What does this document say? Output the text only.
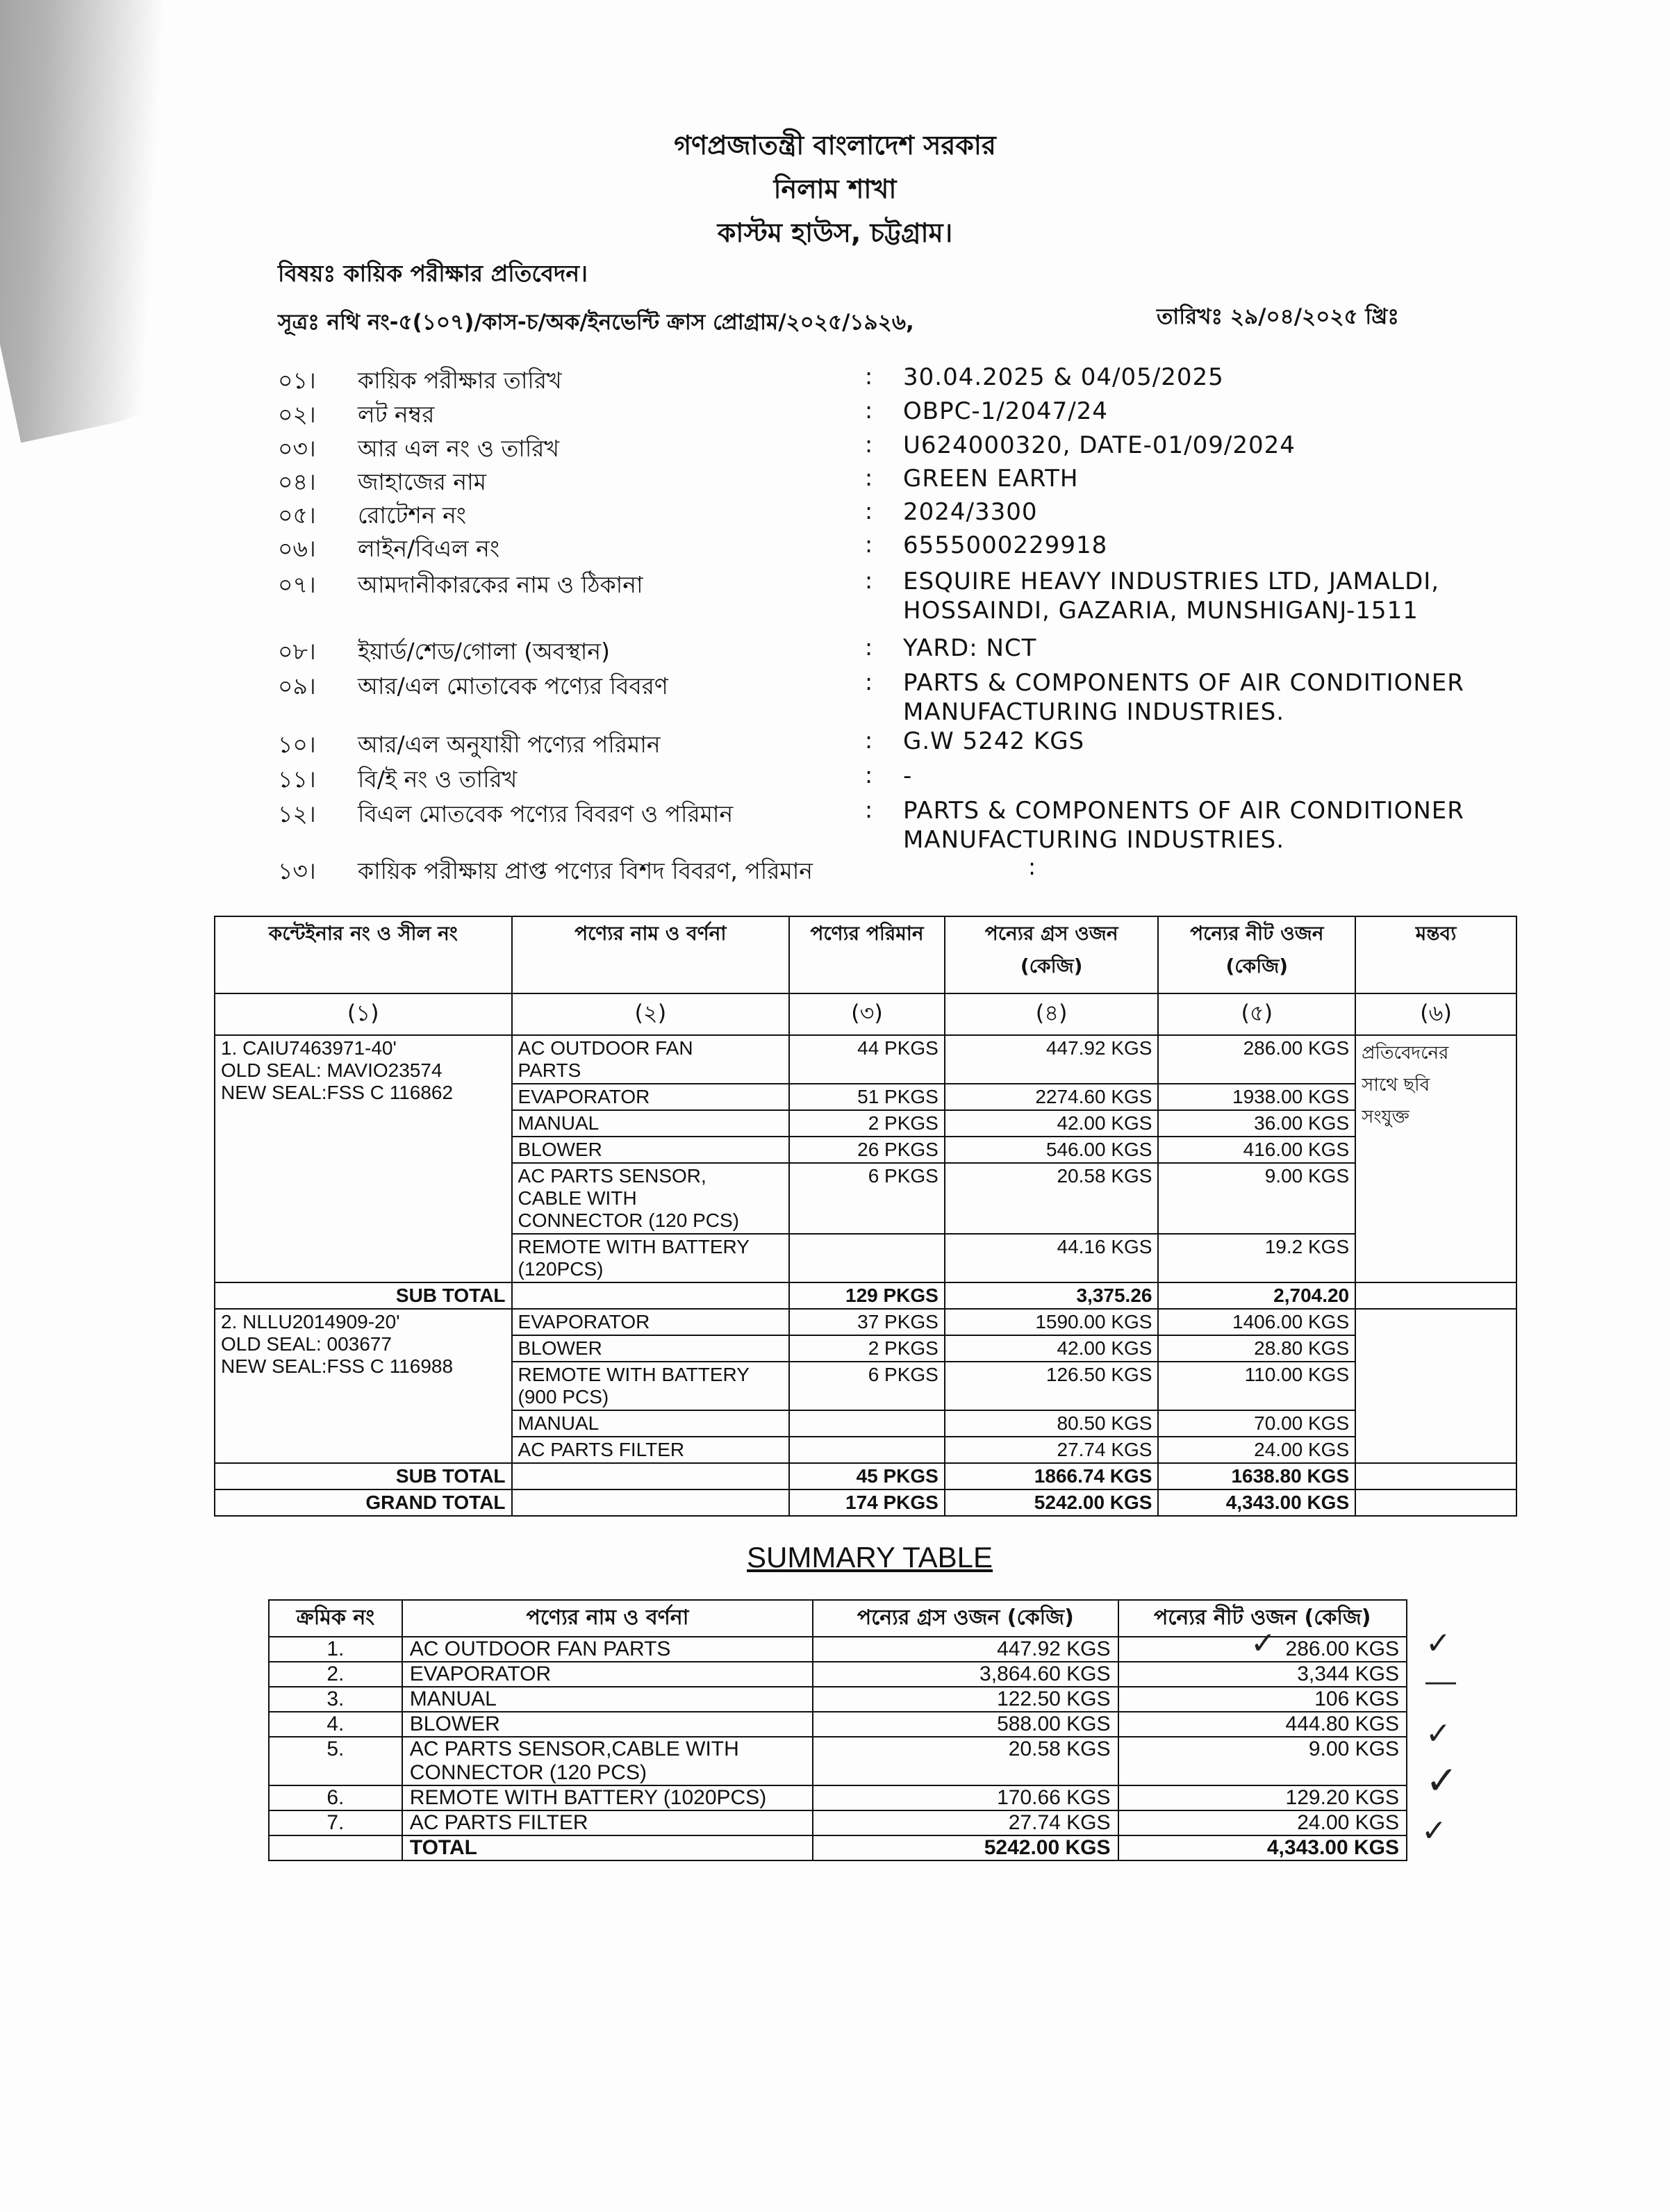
গণপ্রজাতন্ত্রী বাংলাদেশ সরকার
নিলাম শাখা
কাস্টম হাউস, চট্টগ্রাম।
বিষয়ঃ কায়িক পরীক্ষার প্রতিবেদন।
সূত্রঃ নথি নং-৫(১০৭)/কাস-চ/অক/ইনভেন্টি ক্রাস প্রোগ্রাম/২০২৫/১৯২৬,	তারিখঃ ২৯/০৪/২০২৫ খ্রিঃ
০১। কায়িক পরীক্ষার তারিখ	: 30.04.2025 & 04/05/2025
০২। লট নম্বর	: OBPC-1/2047/24
০৩। আর এল নং ও তারিখ	: U624000320, DATE-01/09/2024
০৪। জাহাজের নাম	: GREEN EARTH
০৫। রোটেশন নং	: 2024/3300
০৬। লাইন/বিএল নং	: 6555000229918
০৭। আমদানীকারকের নাম ও ঠিকানা	: ESQUIRE HEAVY INDUSTRIES LTD, JAMALDI,
HOSSAINDI, GAZARIA, MUNSHIGANJ-1511
০৮। ইয়ার্ড/শেড/গোলা (অবস্থান)	: YARD: NCT
০৯। আর/এল মোতাবেক পণ্যের বিবরণ	: PARTS & COMPONENTS OF AIR CONDITIONER
MANUFACTURING INDUSTRIES.
১০। আর/এল অনুযায়ী পণ্যের পরিমান	: G.W 5242 KGS
১১। বি/ই নং ও তারিখ	: -
১২। বিএল মোতবেক পণ্যের বিবরণ ও পরিমান	: PARTS & COMPONENTS OF AIR CONDITIONER
MANUFACTURING INDUSTRIES.
১৩। কায়িক পরীক্ষায় প্রাপ্ত পণ্যের বিশদ বিবরণ, পরিমান	:
কন্টেইনার নং ও সীল নং	পণ্যের নাম ও বর্ণনা	পণ্যের পরিমান	পন্যের গ্রস ওজন
(কেজি)	পন্যের নীট ওজন
(কেজি)	মন্তব্য
(১)	(২)	(৩)	(৪)	(৫)	(৬)
1. CAIU7463971-40'
OLD SEAL: MAVIO23574
NEW SEAL:FSS C 116862	AC OUTDOOR FAN
PARTS	44 PKGS	447.92 KGS	286.00 KGS	প্রতিবেদনের
সাথে ছবি
সংযুক্ত
	EVAPORATOR	51 PKGS	2274.60 KGS	1938.00 KGS	
	MANUAL	2 PKGS	42.00 KGS	36.00 KGS	
	BLOWER	26 PKGS	546.00 KGS	416.00 KGS	
	AC PARTS SENSOR,
CABLE WITH
CONNECTOR (120 PCS)	6 PKGS	20.58 KGS	9.00 KGS	
	REMOTE WITH BATTERY
(120PCS)		44.16 KGS	19.2 KGS	
SUB TOTAL		129 PKGS	3,375.26	2,704.20	
2. NLLU2014909-20'
OLD SEAL: 003677
NEW SEAL:FSS C 116988	EVAPORATOR	37 PKGS	1590.00 KGS	1406.00 KGS	
	BLOWER	2 PKGS	42.00 KGS	28.80 KGS	
	REMOTE WITH BATTERY
(900 PCS)	6 PKGS	126.50 KGS	110.00 KGS	
	MANUAL		80.50 KGS	70.00 KGS	
	AC PARTS FILTER		27.74 KGS	24.00 KGS	
SUB TOTAL		45 PKGS	1866.74 KGS	1638.80 KGS	
GRAND TOTAL		174 PKGS	5242.00 KGS	4,343.00 KGS	
SUMMARY TABLE
ক্রমিক নং	পণ্যের নাম ও বর্ণনা	পন্যের গ্রস ওজন (কেজি)	পন্যের নীট ওজন (কেজি)
1.	AC OUTDOOR FAN PARTS	447.92 KGS	286.00 KGS
2.	EVAPORATOR	3,864.60 KGS	3,344 KGS
3.	MANUAL	122.50 KGS	106 KGS
4.	BLOWER	588.00 KGS	444.80 KGS
5.	AC PARTS SENSOR,CABLE WITH
CONNECTOR (120 PCS)	20.58 KGS	9.00 KGS
6.	REMOTE WITH BATTERY (1020PCS)	170.66 KGS	129.20 KGS
7.	AC PARTS FILTER	27.74 KGS	24.00 KGS
	TOTAL	5242.00 KGS	4,343.00 KGS
✓	✓
—
✓
✓
✓
